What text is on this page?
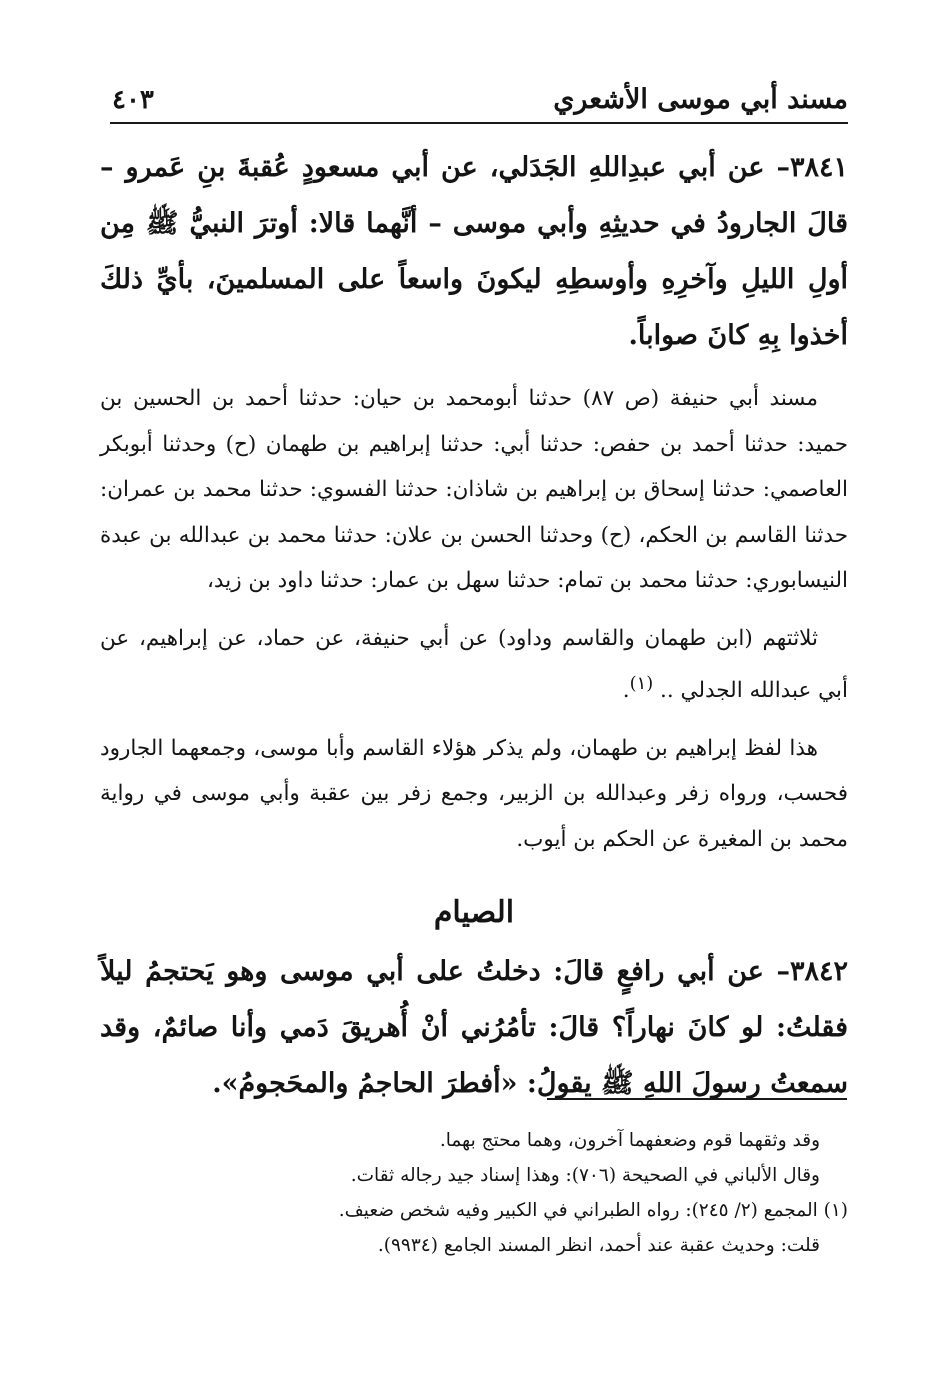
مسند أبي موسى الأشعري
٤٠٣

٣٨٤١– عن أبي عبدِاللهِ الجَدَلي، عن أبي مسعودٍ عُقبةَ بنِ عَمرو – قالَ الجارودُ في حديثِهِ وأبي موسى – أنَّهما قالا: أوترَ النبيُّ ﷺ مِن أولِ الليلِ وآخرِهِ وأوسطِهِ ليكونَ واسعاً على المسلمينَ، بأيِّ ذلكَ أخذوا بِهِ كانَ صواباً.

مسند أبي حنيفة (ص ٨٧) حدثنا أبومحمد بن حيان: حدثنا أحمد بن الحسين بن حميد: حدثنا أحمد بن حفص: حدثنا أبي: حدثنا إبراهيم بن طهمان (ح) وحدثنا أبوبكر العاصمي: حدثنا إسحاق بن إبراهيم بن شاذان: حدثنا الفسوي: حدثنا محمد بن عمران: حدثنا القاسم بن الحكم، (ح) وحدثنا الحسن بن علان: حدثنا محمد بن عبدالله بن عبدة النيسابوري: حدثنا محمد بن تمام: حدثنا سهل بن عمار: حدثنا داود بن زيد،

ثلاثتهم (ابن طهمان والقاسم وداود) عن أبي حنيفة، عن حماد، عن إبراهيم، عن أبي عبدالله الجدلي .. $^{(١)}$.

هذا لفظ إبراهيم بن طهمان، ولم يذكر هؤلاء القاسم وأبا موسى، وجمعهما الجارود فحسب، ورواه زفر وعبدالله بن الزبير، وجمع زفر بين عقبة وأبي موسى في رواية محمد بن المغيرة عن الحكم بن أيوب.

الصيام

٣٨٤٢– عن أبي رافعٍ قالَ: دخلتُ على أبي موسى وهو يَحتجمُ ليلاً فقلتُ: لو كانَ نهاراً؟ قالَ: تأمُرُني أنْ أُهريقَ دَمي وأنا صائمٌ، وقد سمعتُ رسولَ اللهِ ﷺ يقولُ: «أفطرَ الحاجمُ والمحَجومُ».

وقد وثقهما قوم وضعفهما آخرون، وهما محتج بهما.

وقال الألباني في الصحيحة (٧٠٦): وهذا إسناد جيد رجاله ثقات.

(١) المجمع (٢/ ٢٤٥): رواه الطبراني في الكبير وفيه شخص ضعيف.

قلت: وحديث عقبة عند أحمد، انظر المسند الجامع (٩٩٣٤).
